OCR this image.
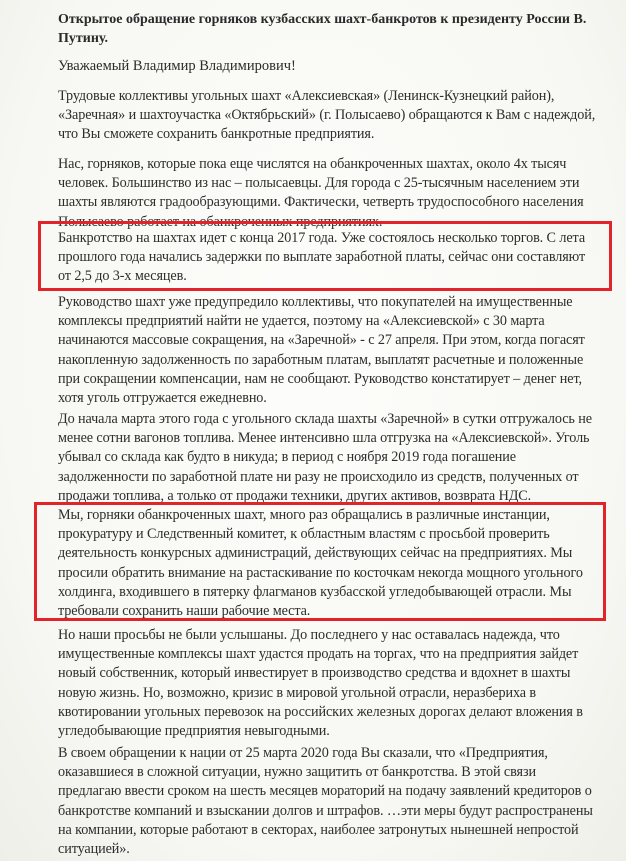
Открытое обращение горняков кузбасских шахт-банкротов к президенту России В.
Путину.
Уважаемый Владимир Владимирович!
Трудовые коллективы угольных шахт «Алексиевская» (Ленинск-Кузнецкий район),
«Заречная» и шахтоучастка «Октябрьский» (г. Полысаево) обращаются к Вам с надеждой,
что Вы сможете сохранить банкротные предприятия.
Нас, горняков, которые пока еще числятся на обанкроченных шахтах, около 4х тысяч
человек. Большинство из нас – полысаевцы. Для города с 25-тысячным населением эти
шахты являются градообразующими. Фактически, четверть трудоспособного населения
Полысаево работает на обанкроченных предприятиях.
Банкротство на шахтах идет с конца 2017 года. Уже состоялось несколько торгов. С лета
прошлого года начались задержки по выплате заработной платы, сейчас они составляют
от 2,5 до 3-х месяцев.
Руководство шахт уже предупредило коллективы, что покупателей на имущественные
комплексы предприятий найти не удается, поэтому на «Алексиевской» с 30 марта
начинаются массовые сокращения, на «Заречной» - с 27 апреля. При этом, когда погасят
накопленную задолженность по заработным платам, выплатят расчетные и положенные
при сокращении компенсации, нам не сообщают. Руководство констатирует – денег нет,
хотя уголь отгружается ежедневно.
До начала марта этого года с угольного склада шахты «Заречной» в сутки отгружалось не
менее сотни вагонов топлива. Менее интенсивно шла отгрузка на «Алексиевской». Уголь
убывал со склада как будто в никуда; в период с ноября 2019 года погашение
задолженности по заработной плате ни разу не происходило из средств, полученных от
продажи топлива, а только от продажи техники, других активов, возврата НДС.
Мы, горняки обанкроченных шахт, много раз обращались в различные инстанции,
прокуратуру и Следственный комитет, к областным властям с просьбой проверить
деятельность конкурсных администраций, действующих сейчас на предприятиях. Мы
просили обратить внимание на растаскивание по косточкам некогда мощного угольного
холдинга, входившего в пятерку флагманов кузбасской угледобывающей отрасли. Мы
требовали сохранить наши рабочие места.
Но наши просьбы не были услышаны. До последнего у нас оставалась надежда, что
имущественные комплексы шахт удастся продать на торгах, что на предприятия зайдет
новый собственник, который инвестирует в производство средства и вдохнет в шахты
новую жизнь. Но, возможно, кризис в мировой угольной отрасли, неразбериха в
квотировании угольных перевозок на российских железных дорогах делают вложения в
угледобывающие предприятия невыгодными.
В своем обращении к нации от 25 марта 2020 года Вы сказали, что «Предприятия,
оказавшиеся в сложной ситуации, нужно защитить от банкротства. В этой связи
предлагаю ввести сроком на шесть месяцев мораторий на подачу заявлений кредиторов о
банкротстве компаний и взыскании долгов и штрафов. …эти меры будут распространены
на компании, которые работают в секторах, наиболее затронутых нынешней непростой
ситуацией».
